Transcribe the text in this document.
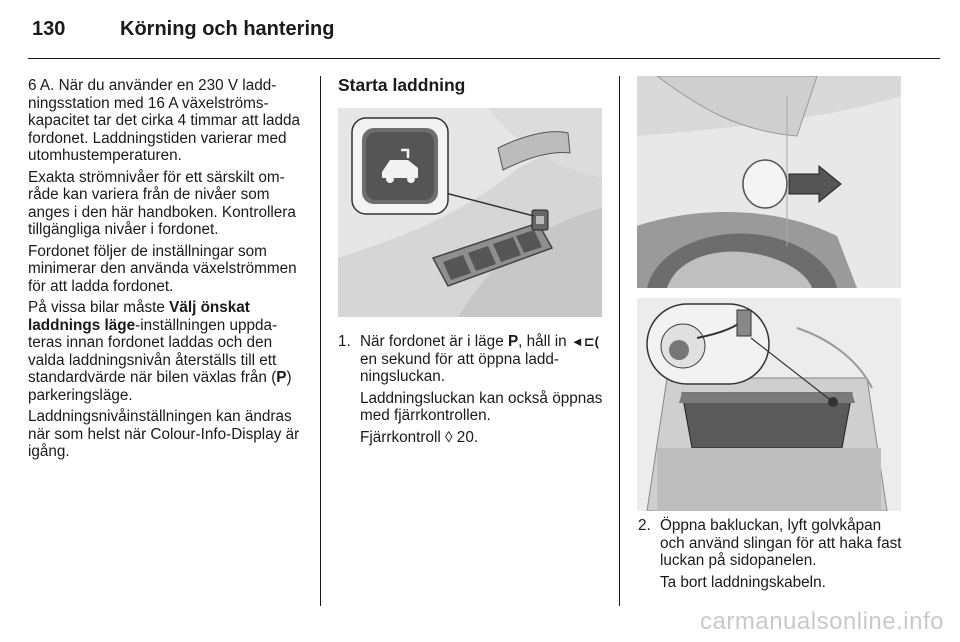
130	Körning och hantering

6 A. När du använder en 230 V laddningsstation med 16 A växelströmskapacitet tar det cirka 4 timmar att ladda fordonet. Laddningstiden varierar med utomhustemperaturen.

Exakta strömnivåer för ett särskilt område kan variera från de nivåer som anges i den här handboken. Kontrollera tillgängliga nivåer i fordonet.

Fordonet följer de inställningar som minimerar den använda växelströmmen för att ladda fordonet.

På vissa bilar måste Välj önskat laddnings läge-inställningen uppdateras innan fordonet laddas och den valda laddningsnivån återställs till ett standardvärde när bilen växlas från (P) parkeringsläge.

Laddningsnivåinställningen kan ändras när som helst när Colour-Info-Display är igång.

Starta laddning
1. När fordonet är i läge P, håll in ◄⊏( en sekund för att öppna laddningsluckan.

Laddningsluckan kan också öppnas med fjärrkontrollen.

Fjärrkontroll ◊ 20.

2. Öppna bakluckan, lyft golvkåpan och använd slingan för att haka fast luckan på sidopanelen.

Ta bort laddningskabeln.

carmanualsonline.info
